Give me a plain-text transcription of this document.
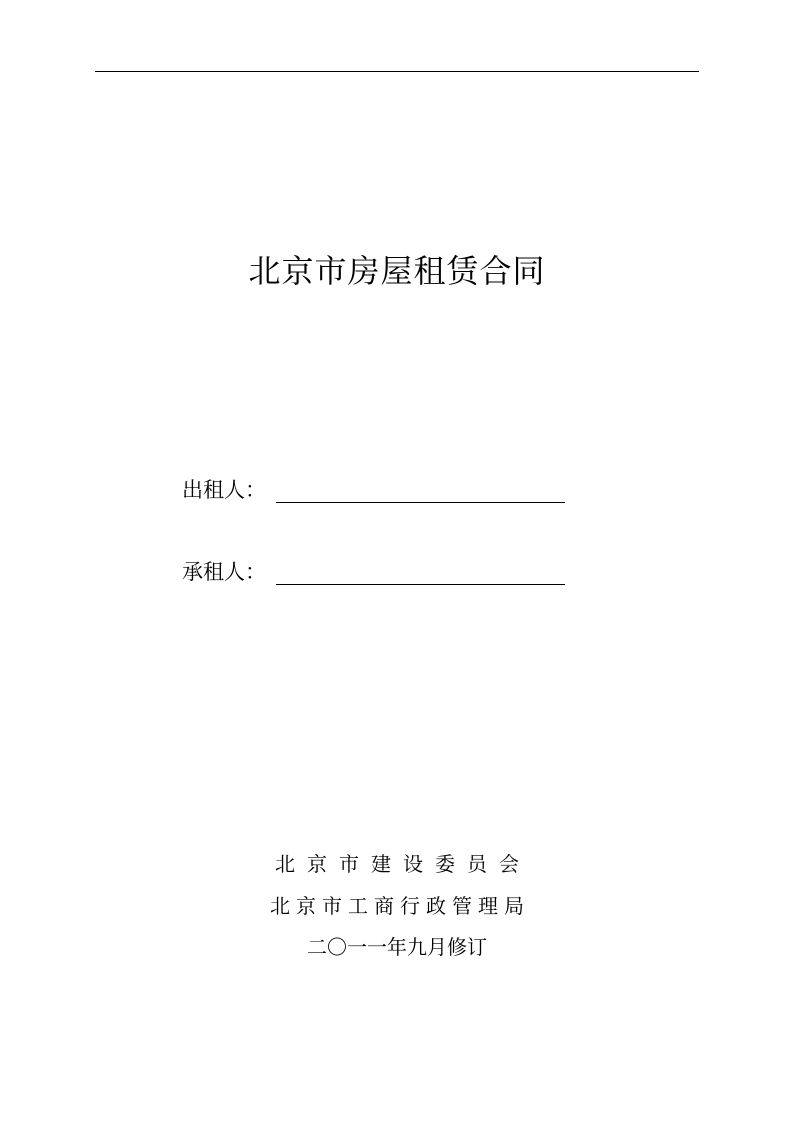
北京市房屋租赁合同
出租人：
承租人：
北京市建设委员会
北京市工商行政管理局
二〇一一年九月修订
